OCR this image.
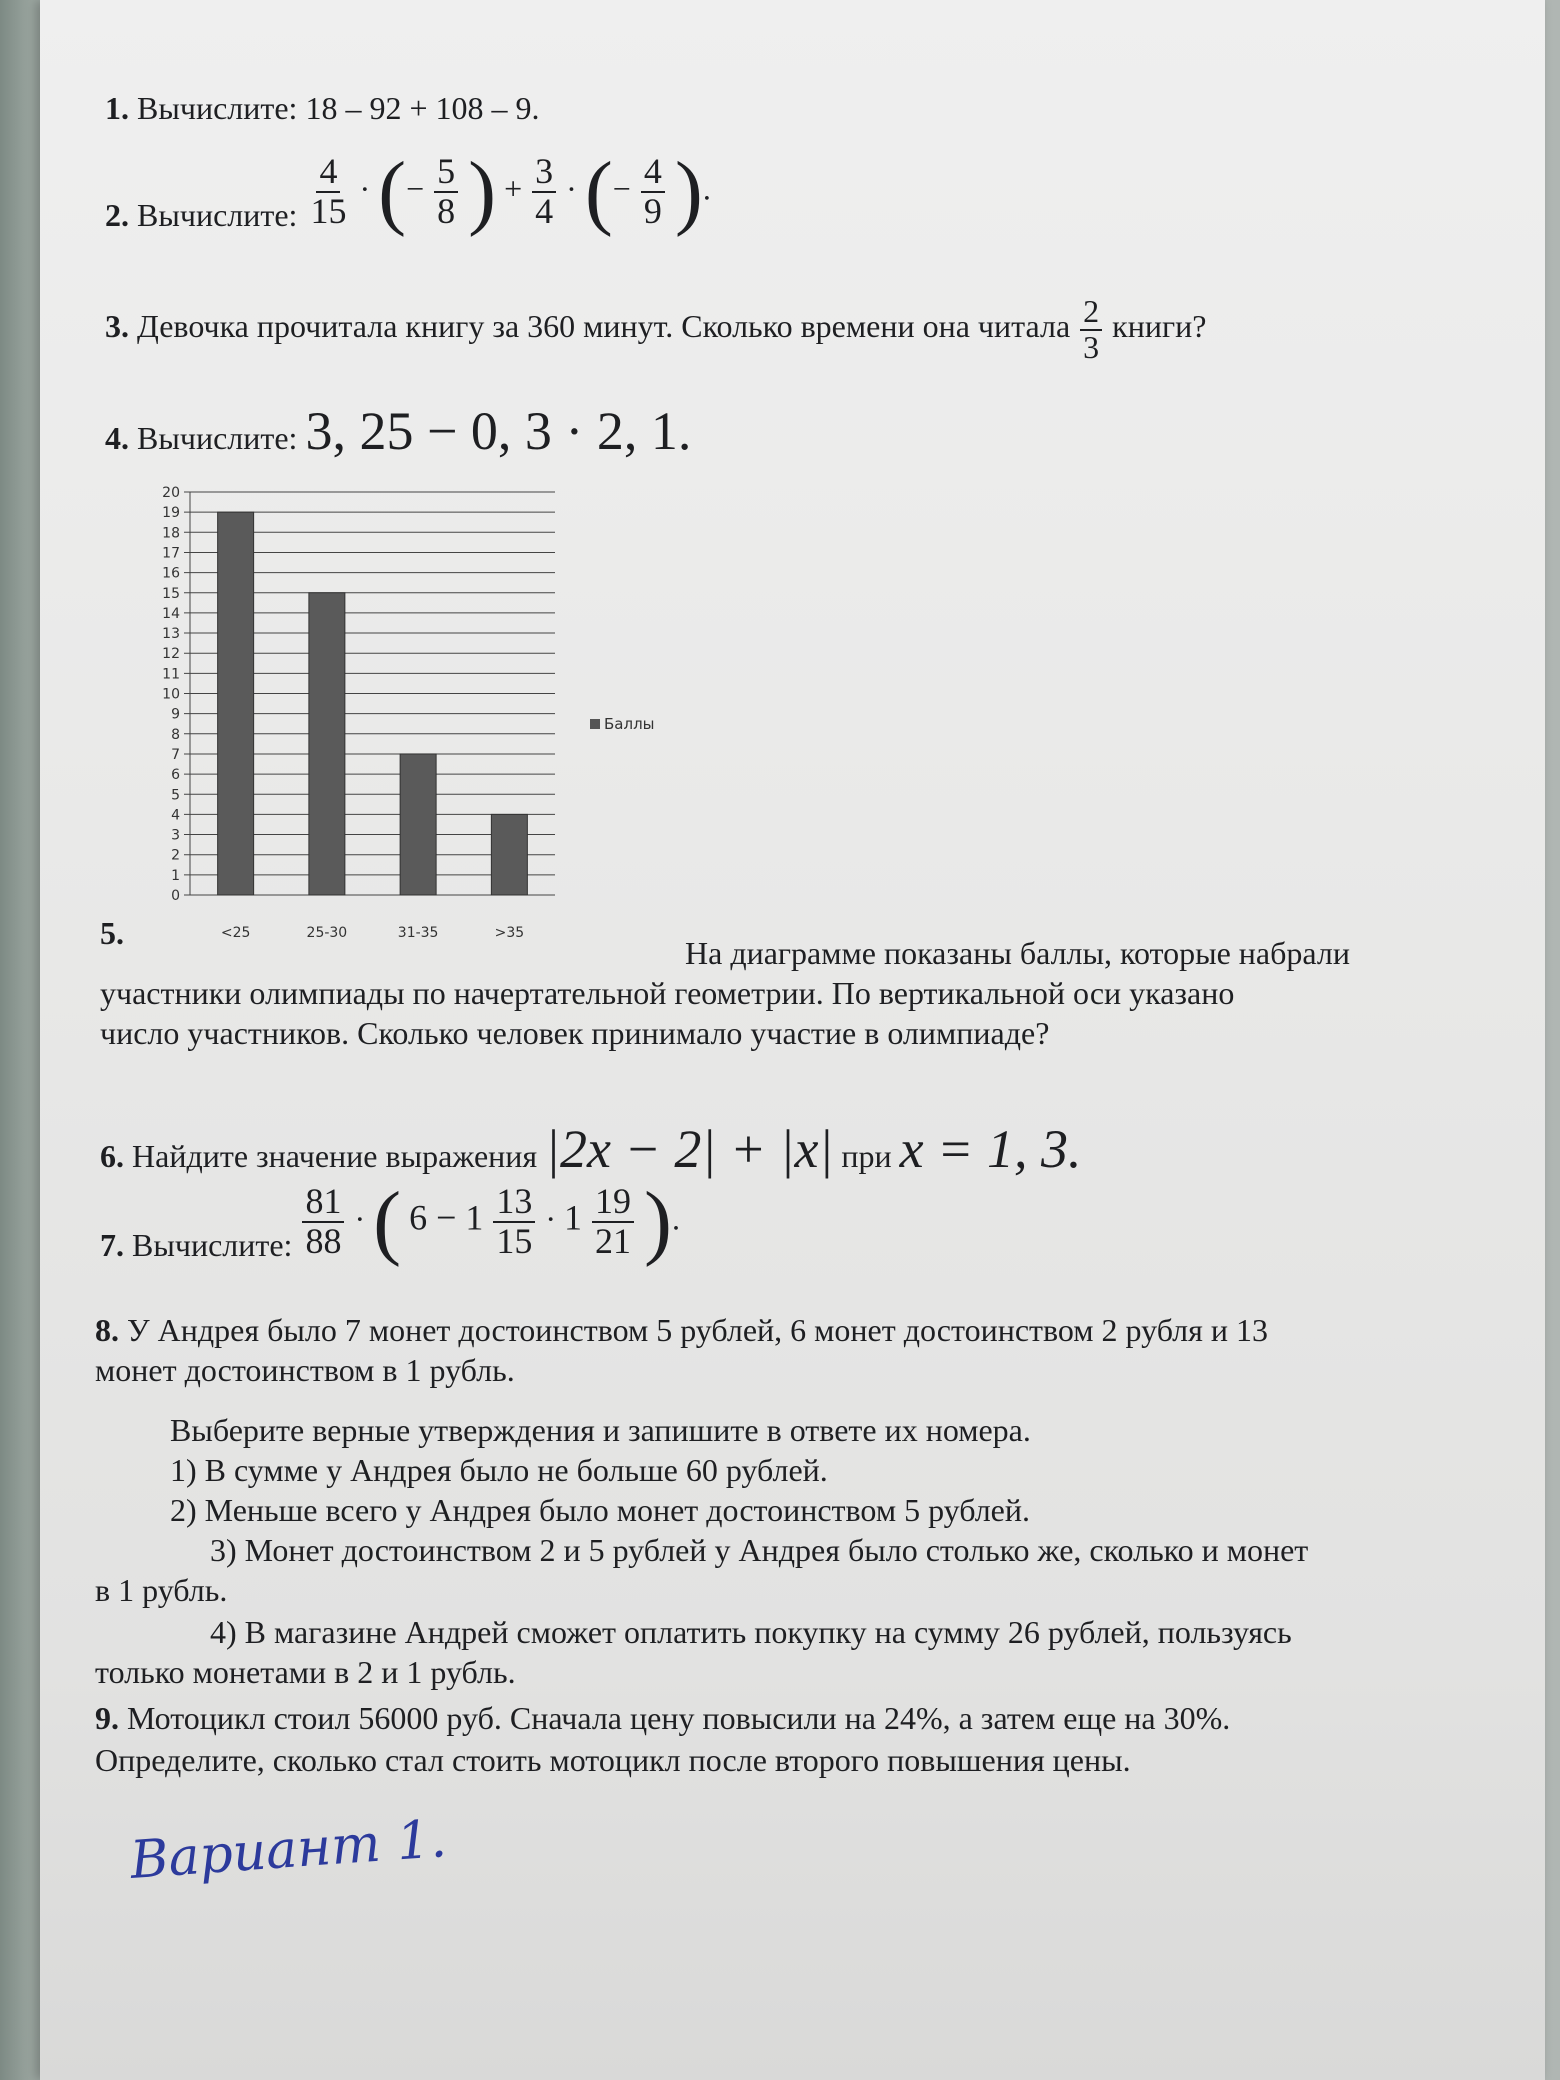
1. Вычислите: 18 – 92 + 108 – 9.
2. Вычислите: $\frac{4}{15}$ · (− $\frac{5}{8}$ ) + $\frac{3}{4}$ · (− $\frac{4}{9}$ ).
3. Девочка прочитала книгу за 360 минут. Сколько времени она читала $\frac{2}{3}$ книги?
4. Вычислите: 3, 25 − 0, 3 · 2, 1.
0
1
2
3
4
5
6
7
8
9
10
11
12
13
14
15
16
17
18
19
20
<25	25-30	31-35	>35
Баллы
5.
На диаграмме показаны баллы, которые набрали
участники олимпиады по начертательной геометрии. По вертикальной оси указано
число участников. Сколько человек принимало участие в олимпиаде?
6. Найдите значение выражения |2x − 2| + |x| при x = 1, 3.
7. Вычислите: $\frac{81}{88}$ · ( $6 - 1 \frac{13}{15} \cdot 1 \frac{19}{21}$ ).
8. У Андрея было 7 монет достоинством 5 рублей, 6 монет достоинством 2 рубля и 13
монет достоинством в 1 рубль.
Выберите верные утверждения и запишите в ответе их номера.
1) В сумме у Андрея было не больше 60 рублей.
2) Меньше всего у Андрея было монет достоинством 5 рублей.
3) Монет достоинством 2 и 5 рублей у Андрея было столько же, сколько и монет
в 1 рубль.
4) В магазине Андрей сможет оплатить покупку на сумму 26 рублей, пользуясь
только монетами в 2 и 1 рубль.
9. Мотоцикл стоил 56000 руб. Сначала цену повысили на 24%, а затем еще на 30%.
Определите, сколько стал стоить мотоцикл после второго повышения цены.
Вариант 1.
